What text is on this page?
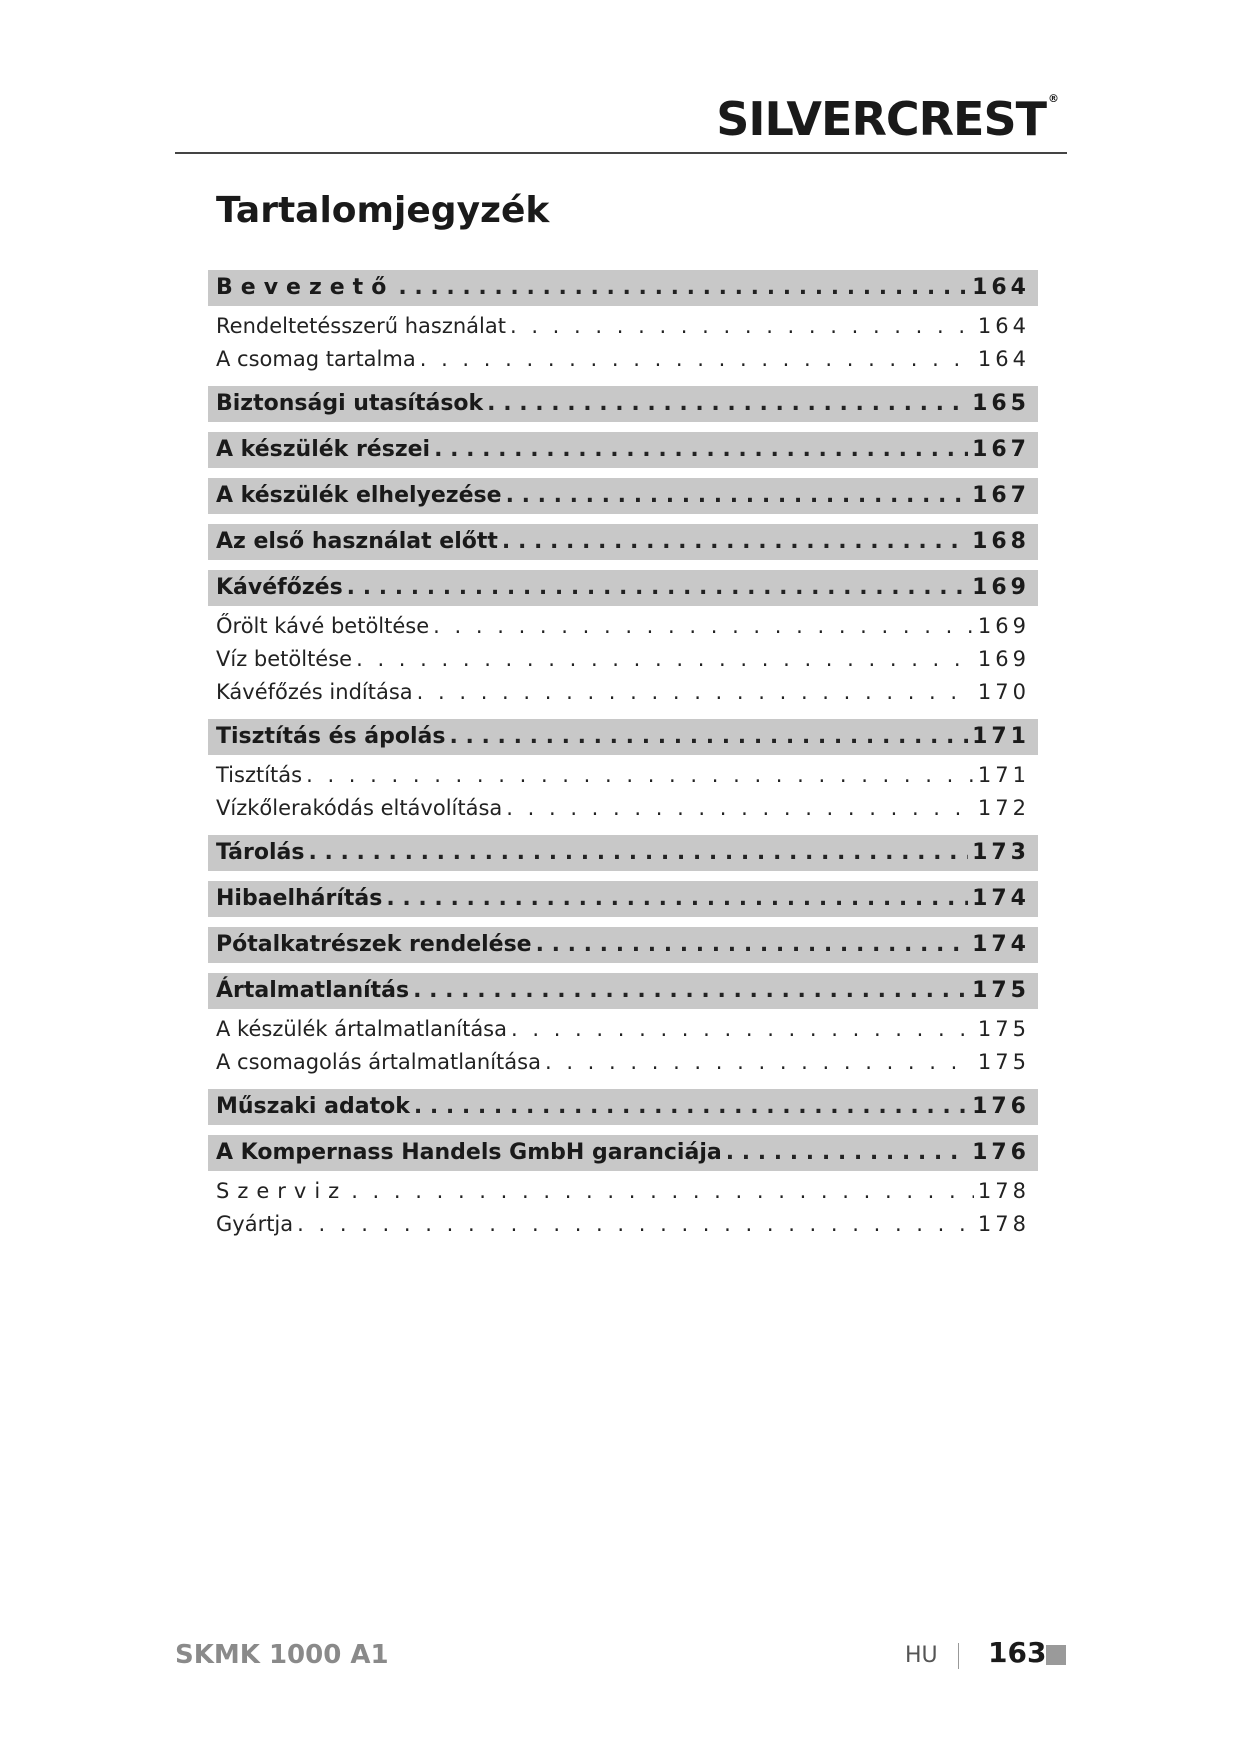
SILVERCREST ®
Tartalomjegyzék
Bevezető . . .	164
Rendeltetésszerű használat . . .	164
A csomag tartalma . . .	164
Biztonsági utasítások . . .	165
A készülék részei . . .	167
A készülék elhelyezése . . .	167
Az első használat előtt . . .	168
Kávéfőzés . . .	169
Őrölt kávé betöltése . . .	169
Víz betöltése . . .	169
Kávéfőzés indítása . . .	170
Tisztítás és ápolás . . .	171
Tisztítás . . .	171
Vízkőlerakódás eltávolítása . . .	172
Tárolás . . .	173
Hibaelhárítás . . .	174
Pótalkatrészek rendelése . . .	174
Ártalmatlanítás . . .	175
A készülék ártalmatlanítása . . .	175
A csomagolás ártalmatlanítása . . .	175
Műszaki adatok . . .	176
A Kompernass Handels GmbH garanciája . . .	176
Szerviz . . .	178
Gyártja . . .	178
SKMK 1000 A1	HU 163
